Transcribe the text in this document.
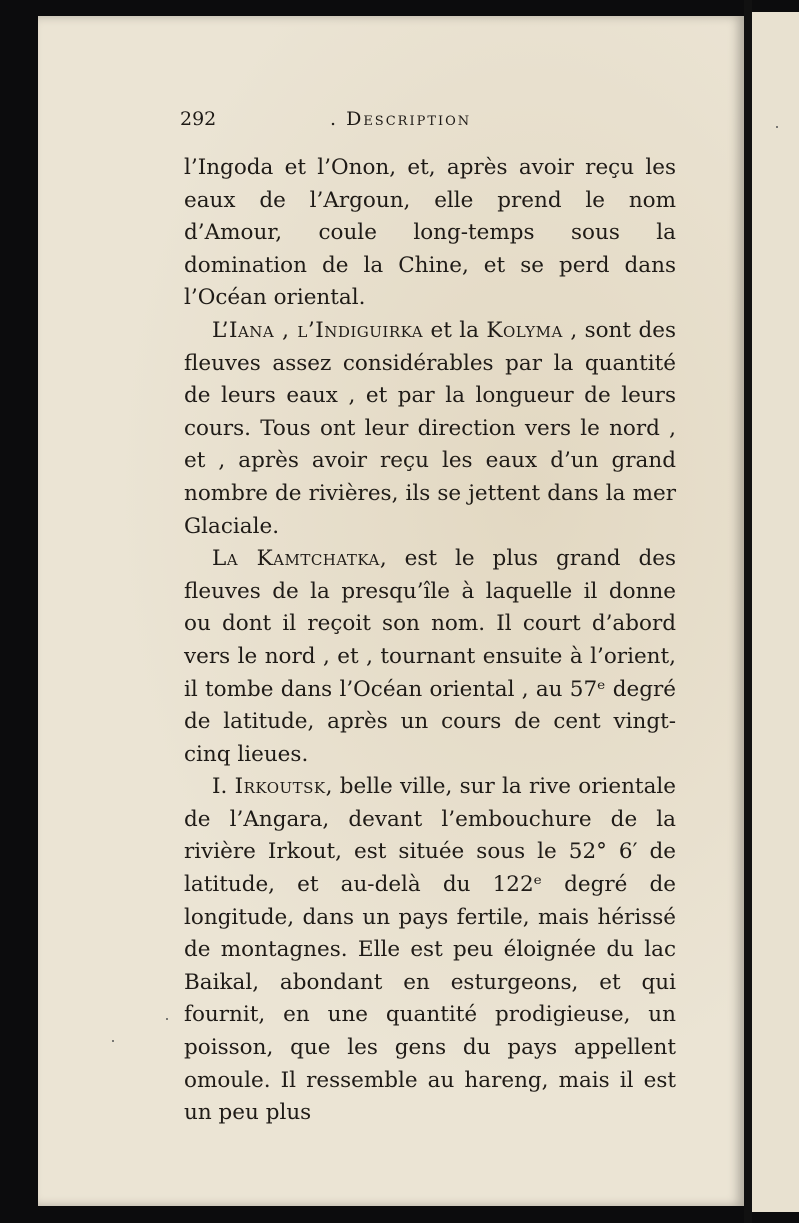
292	. Description

l’Ingoda et l’Onon, et, après avoir reçu les eaux de l’Argoun, elle prend le nom d’Amour, coule long-temps sous la domination de la Chine, et se perd dans l’Océan oriental.

L’Iana , l’Indiguirka et la Kolyma , sont des fleuves assez considérables par la quantité de leurs eaux , et par la longueur de leurs cours. Tous ont leur direction vers le nord , et , après avoir reçu les eaux d’un grand nombre de rivières, ils se jettent dans la mer Glaciale.

La Kamtchatka, est le plus grand des fleuves de la presqu’île à laquelle il donne ou dont il reçoit son nom. Il court d’abord vers le nord , et , tournant ensuite à l’orient, il tombe dans l’Océan oriental , au 57ᵉ degré de latitude, après un cours de cent vingt-cinq lieues.

I. Irkoutsk, belle ville, sur la rive orientale de l’Angara, devant l’embouchure de la rivière Irkout, est située sous le 52° 6′ de latitude, et au-delà du 122ᵉ degré de longitude, dans un pays fertile, mais hérissé de montagnes. Elle est peu éloignée du lac Baikal, abondant en esturgeons, et qui fournit, en une quantité prodigieuse, un poisson, que les gens du pays appellent omoule. Il ressemble au hareng, mais il est un peu plus
